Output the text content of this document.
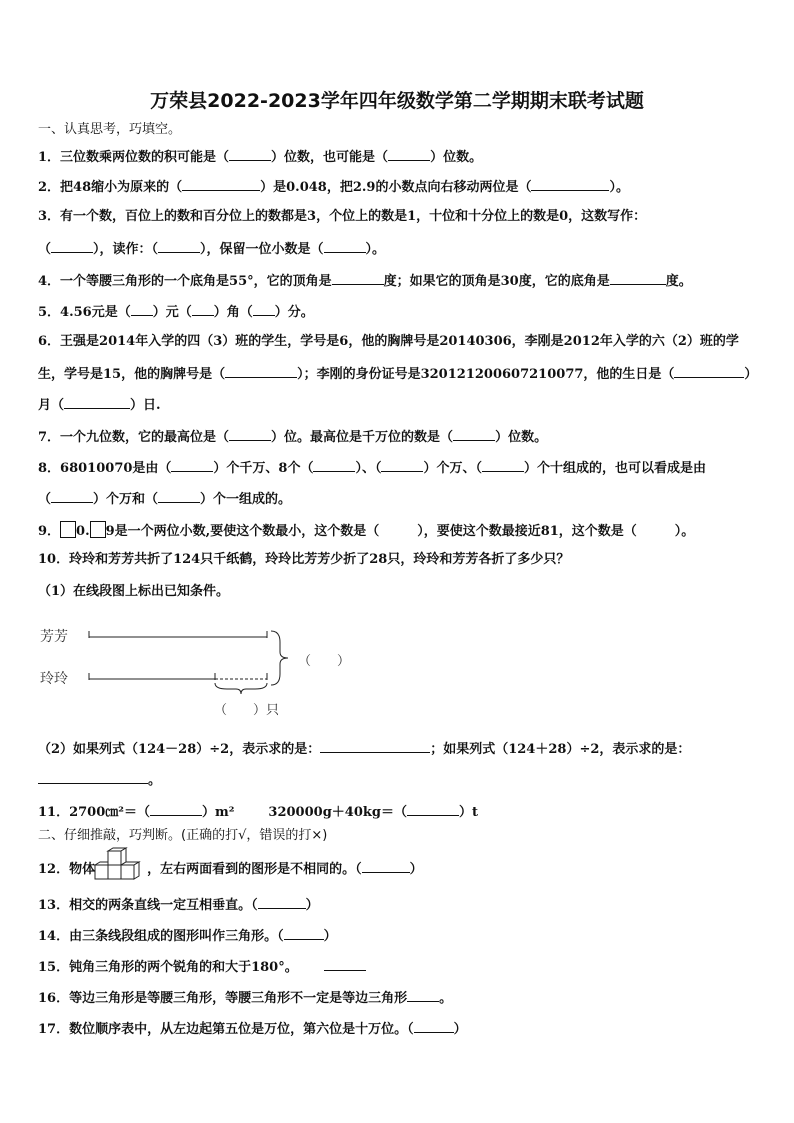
万荣县2022-2023学年四年级数学第二学期期末联考试题
一、认真思考，巧填空。
1．三位数乘两位数的积可能是（	）位数，也可能是（	）位数。
2．把48缩小为原来的（	）是0.048，把2.9的小数点向右移动两位是（	）。
3．有一个数，百位上的数和百分位上的数都是3，个位上的数是1，十位和十分位上的数是0，这数写作：
（	），读作：（	），保留一位小数是（	）。
4．一个等腰三角形的一个底角是55°，它的顶角是	度；如果它的顶角是30度，它的底角是	度。
5．4.56元是（ ）元（ ）角（ ）分。
6．王强是2014年入学的四（3）班的学生，学号是6，他的胸牌号是20140306，李刚是2012年入学的六（2）班的学
生，学号是15，他的胸牌号是（	）；李刚的身份证号是320121200607210077，他的生日是（	）
月（	）日.
7．一个九位数，它的最高位是（	）位。最高位是千万位的数是（	）位数。
8．68010070是由（	）个千万、8个（	）、（	）个万、（	）个十组成的，也可以看成是由
（	）个万和（	）个一组成的。
9． 0. 9是一个两位小数,要使这个数最小，这个数是（	），要使这个数最接近81，这个数是（	）。
10．玲玲和芳芳共折了124只千纸鹤，玲玲比芳芳少折了28只，玲玲和芳芳各折了多少只？
（1）在线段图上标出已知条件。
芳芳
玲玲
（　　）
（　　）只
（2）如果列式（124－28）÷2，表示求的是：	；如果列式（124＋28）÷2，表示求的是：
。
11．2700㎝²＝（	）m²	320000g＋40kg＝（	）t
二、仔细推敲，巧判断。(正确的打√，错误的打×)
12．物体	，左右两面看到的图形是不相同的。（	）
13．相交的两条直线一定互相垂直。（	）
14．由三条线段组成的图形叫作三角形。（	）
15．钝角三角形的两个锐角的和大于180°。
16．等边三角形是等腰三角形，等腰三角形不一定是等边三角形 。
17．数位顺序表中，从左边起第五位是万位，第六位是十万位。（	）
